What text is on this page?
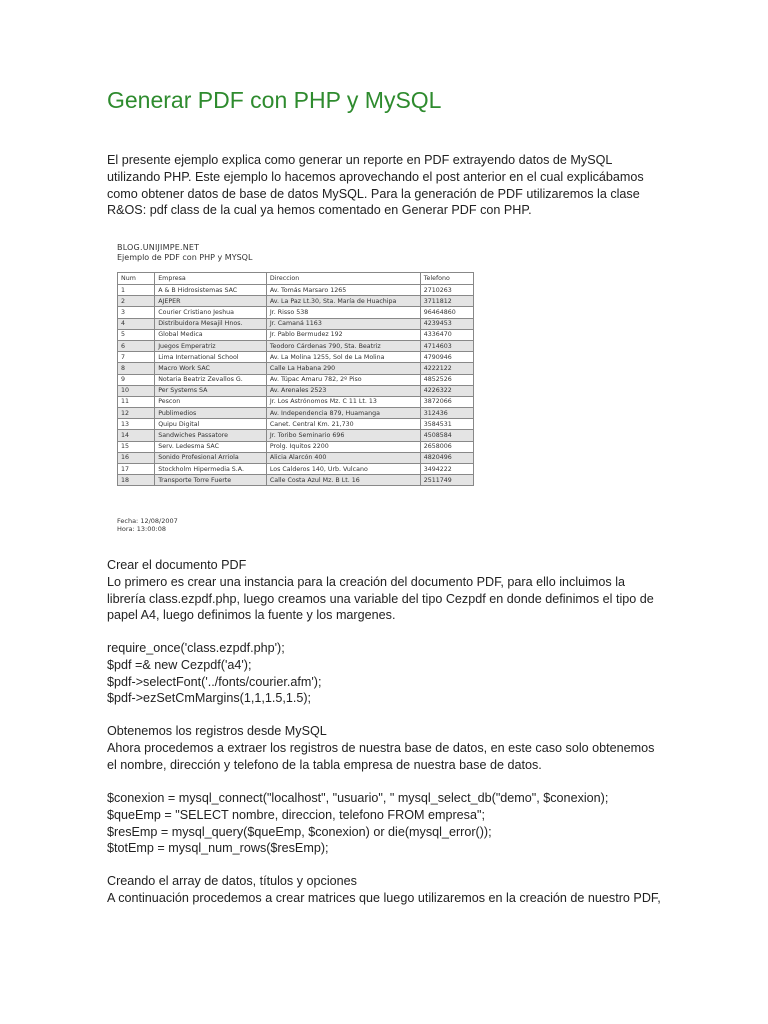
Generar PDF con PHP y MySQL

El presente ejemplo explica como generar un reporte en PDF extrayendo datos de MySQL
utilizando PHP. Este ejemplo lo hacemos aprovechando el post anterior en el cual explicábamos
como obtener datos de base de datos MySQL. Para la generación de PDF utilizaremos la clase
R&OS: pdf class de la cual ya hemos comentado en Generar PDF con PHP.

BLOG.UNIJIMPE.NET

Ejemplo de PDF con PHP y MYSQL

Num	Empresa	Direccion	Telefono
1	A & B Hidrosistemas SAC	Av. Tomás Marsaro 1265	2710263
2	AJEPER	Av. La Paz Lt.30, Sta. María de Huachipa	3711812
3	Courier Cristiano Jeshua	Jr. Risso 538	96464860
4	Distribuidora Mesajil Hnos.	Jr. Camaná 1163	4239453
5	Global Medica	Jr. Pablo Bermudez 192	4336470
6	Juegos Emperatriz	Teodoro Cárdenas 790, Sta. Beatriz	4714603
7	Lima International School	Av. La Molina 1255, Sol de La Molina	4790946
8	Macro Work SAC	Calle La Habana 290	4222122
9	Notaria Beatriz Zevallos G.	Av. Túpac Amaru 782, 2º Piso	4852526
10	Per Systems SA	Av. Arenales 2523	4226322
11	Pescon	Jr. Los Astrónomos Mz. C 11 Lt. 13	3872066
12	Publimedios	Av. Independencia 879, Huamanga	312436
13	Quipu Digital	Canet. Central Km. 21,730	3584531
14	Sandwiches Passatore	Jr. Toribo Seminario 696	4508584
15	Serv. Ledesma SAC	Prolg. Iquitos 2200	2658006
16	Sonido Profesional Arriola	Alicia Alarcón 400	4820496
17	Stockholm Hipermedia S.A.	Los Calderos 140, Urb. Vulcano	3494222
18	Transporte Torre Fuerte	Calle Costa Azul Mz. B Lt. 16	2511749
Fecha: 12/08/2007
Hora: 13:00:08

Crear el documento PDF
Lo primero es crear una instancia para la creación del documento PDF, para ello incluimos la
librería class.ezpdf.php, luego creamos una variable del tipo Cezpdf en donde definimos el tipo de
papel A4, luego definimos la fuente y los margenes.

require_once('class.ezpdf.php');
$pdf =& new Cezpdf('a4');
$pdf->selectFont('../fonts/courier.afm');
$pdf->ezSetCmMargins(1,1,1.5,1.5);

Obtenemos los registros desde MySQL
Ahora procedemos a extraer los registros de nuestra base de datos, en este caso solo obtenemos
el nombre, dirección y telefono de la tabla empresa de nuestra base de datos.

$conexion = mysql_connect("localhost", "usuario", " mysql_select_db("demo", $conexion);
$queEmp = "SELECT nombre, direccion, telefono FROM empresa";
$resEmp = mysql_query($queEmp, $conexion) or die(mysql_error());
$totEmp = mysql_num_rows($resEmp);

Creando el array de datos, títulos y opciones
A continuación procedemos a crear matrices que luego utilizaremos en la creación de nuestro PDF,
